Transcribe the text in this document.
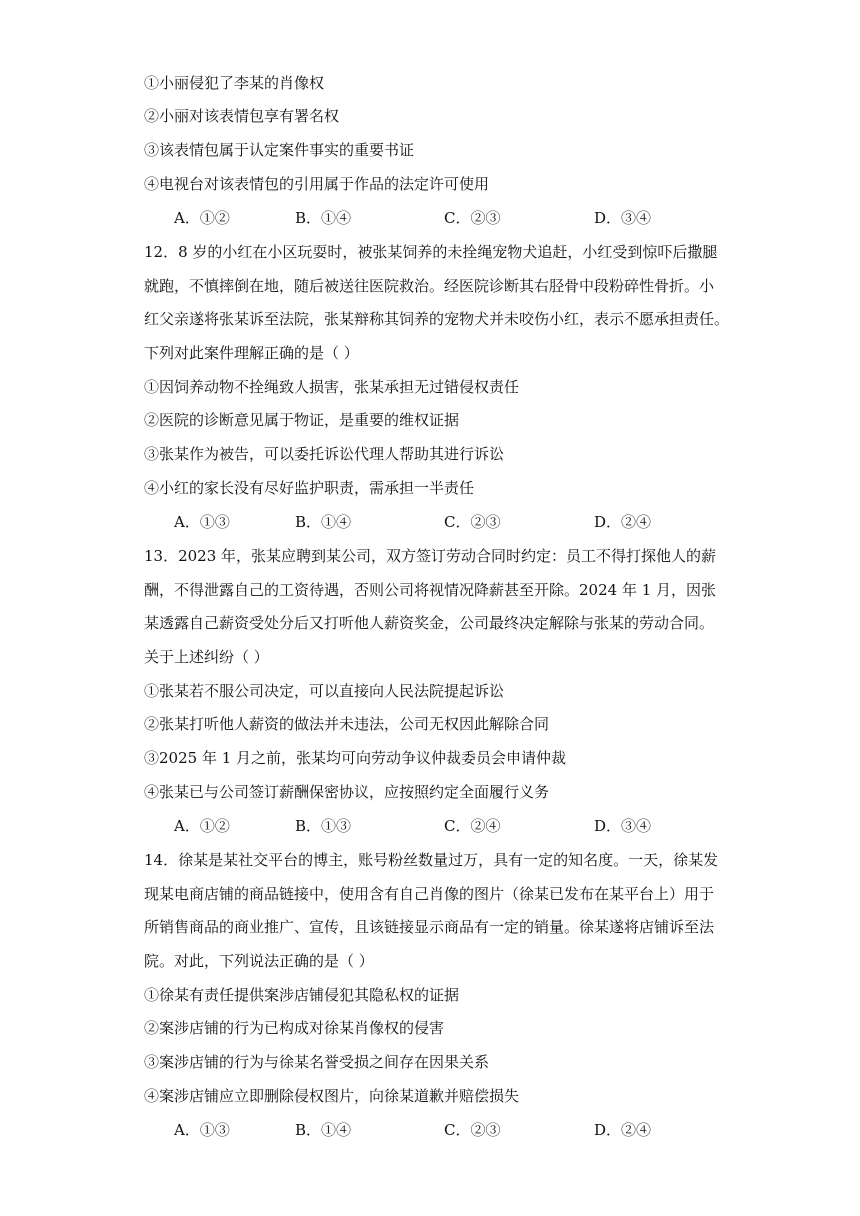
①小丽侵犯了李某的肖像权
②小丽对该表情包享有署名权
③该表情包属于认定案件事实的重要书证
④电视台对该表情包的引用属于作品的法定许可使用
A．①②	B．①④	C．②③	D．③④
12．8 岁的小红在小区玩耍时，被张某饲养的未拴绳宠物犬追赶，小红受到惊吓后撒腿
就跑，不慎摔倒在地，随后被送往医院救治。经医院诊断其右胫骨中段粉碎性骨折。小
红父亲遂将张某诉至法院，张某辩称其饲养的宠物犬并未咬伤小红，表示不愿承担责任。
下列对此案件理解正确的是（ ）
①因饲养动物不拴绳致人损害，张某承担无过错侵权责任
②医院的诊断意见属于物证，是重要的维权证据
③张某作为被告，可以委托诉讼代理人帮助其进行诉讼
④小红的家长没有尽好监护职责，需承担一半责任
A．①③	B．①④	C．②③	D．②④
13．2023 年，张某应聘到某公司，双方签订劳动合同时约定：员工不得打探他人的薪
酬，不得泄露自己的工资待遇，否则公司将视情况降薪甚至开除。2024 年 1 月，因张
某透露自己薪资受处分后又打听他人薪资奖金，公司最终决定解除与张某的劳动合同。
关于上述纠纷（ ）
①张某若不服公司决定，可以直接向人民法院提起诉讼
②张某打听他人薪资的做法并未违法，公司无权因此解除合同
③2025 年 1 月之前，张某均可向劳动争议仲裁委员会申请仲裁
④张某已与公司签订薪酬保密协议，应按照约定全面履行义务
A．①②	B．①③	C．②④	D．③④
14．徐某是某社交平台的博主，账号粉丝数量过万，具有一定的知名度。一天，徐某发
现某电商店铺的商品链接中，使用含有自己肖像的图片（徐某已发布在某平台上）用于
所销售商品的商业推广、宣传，且该链接显示商品有一定的销量。徐某遂将店铺诉至法
院。对此，下列说法正确的是（ ）
①徐某有责任提供案涉店铺侵犯其隐私权的证据
②案涉店铺的行为已构成对徐某肖像权的侵害
③案涉店铺的行为与徐某名誉受损之间存在因果关系
④案涉店铺应立即删除侵权图片，向徐某道歉并赔偿损失
A．①③	B．①④	C．②③	D．②④
